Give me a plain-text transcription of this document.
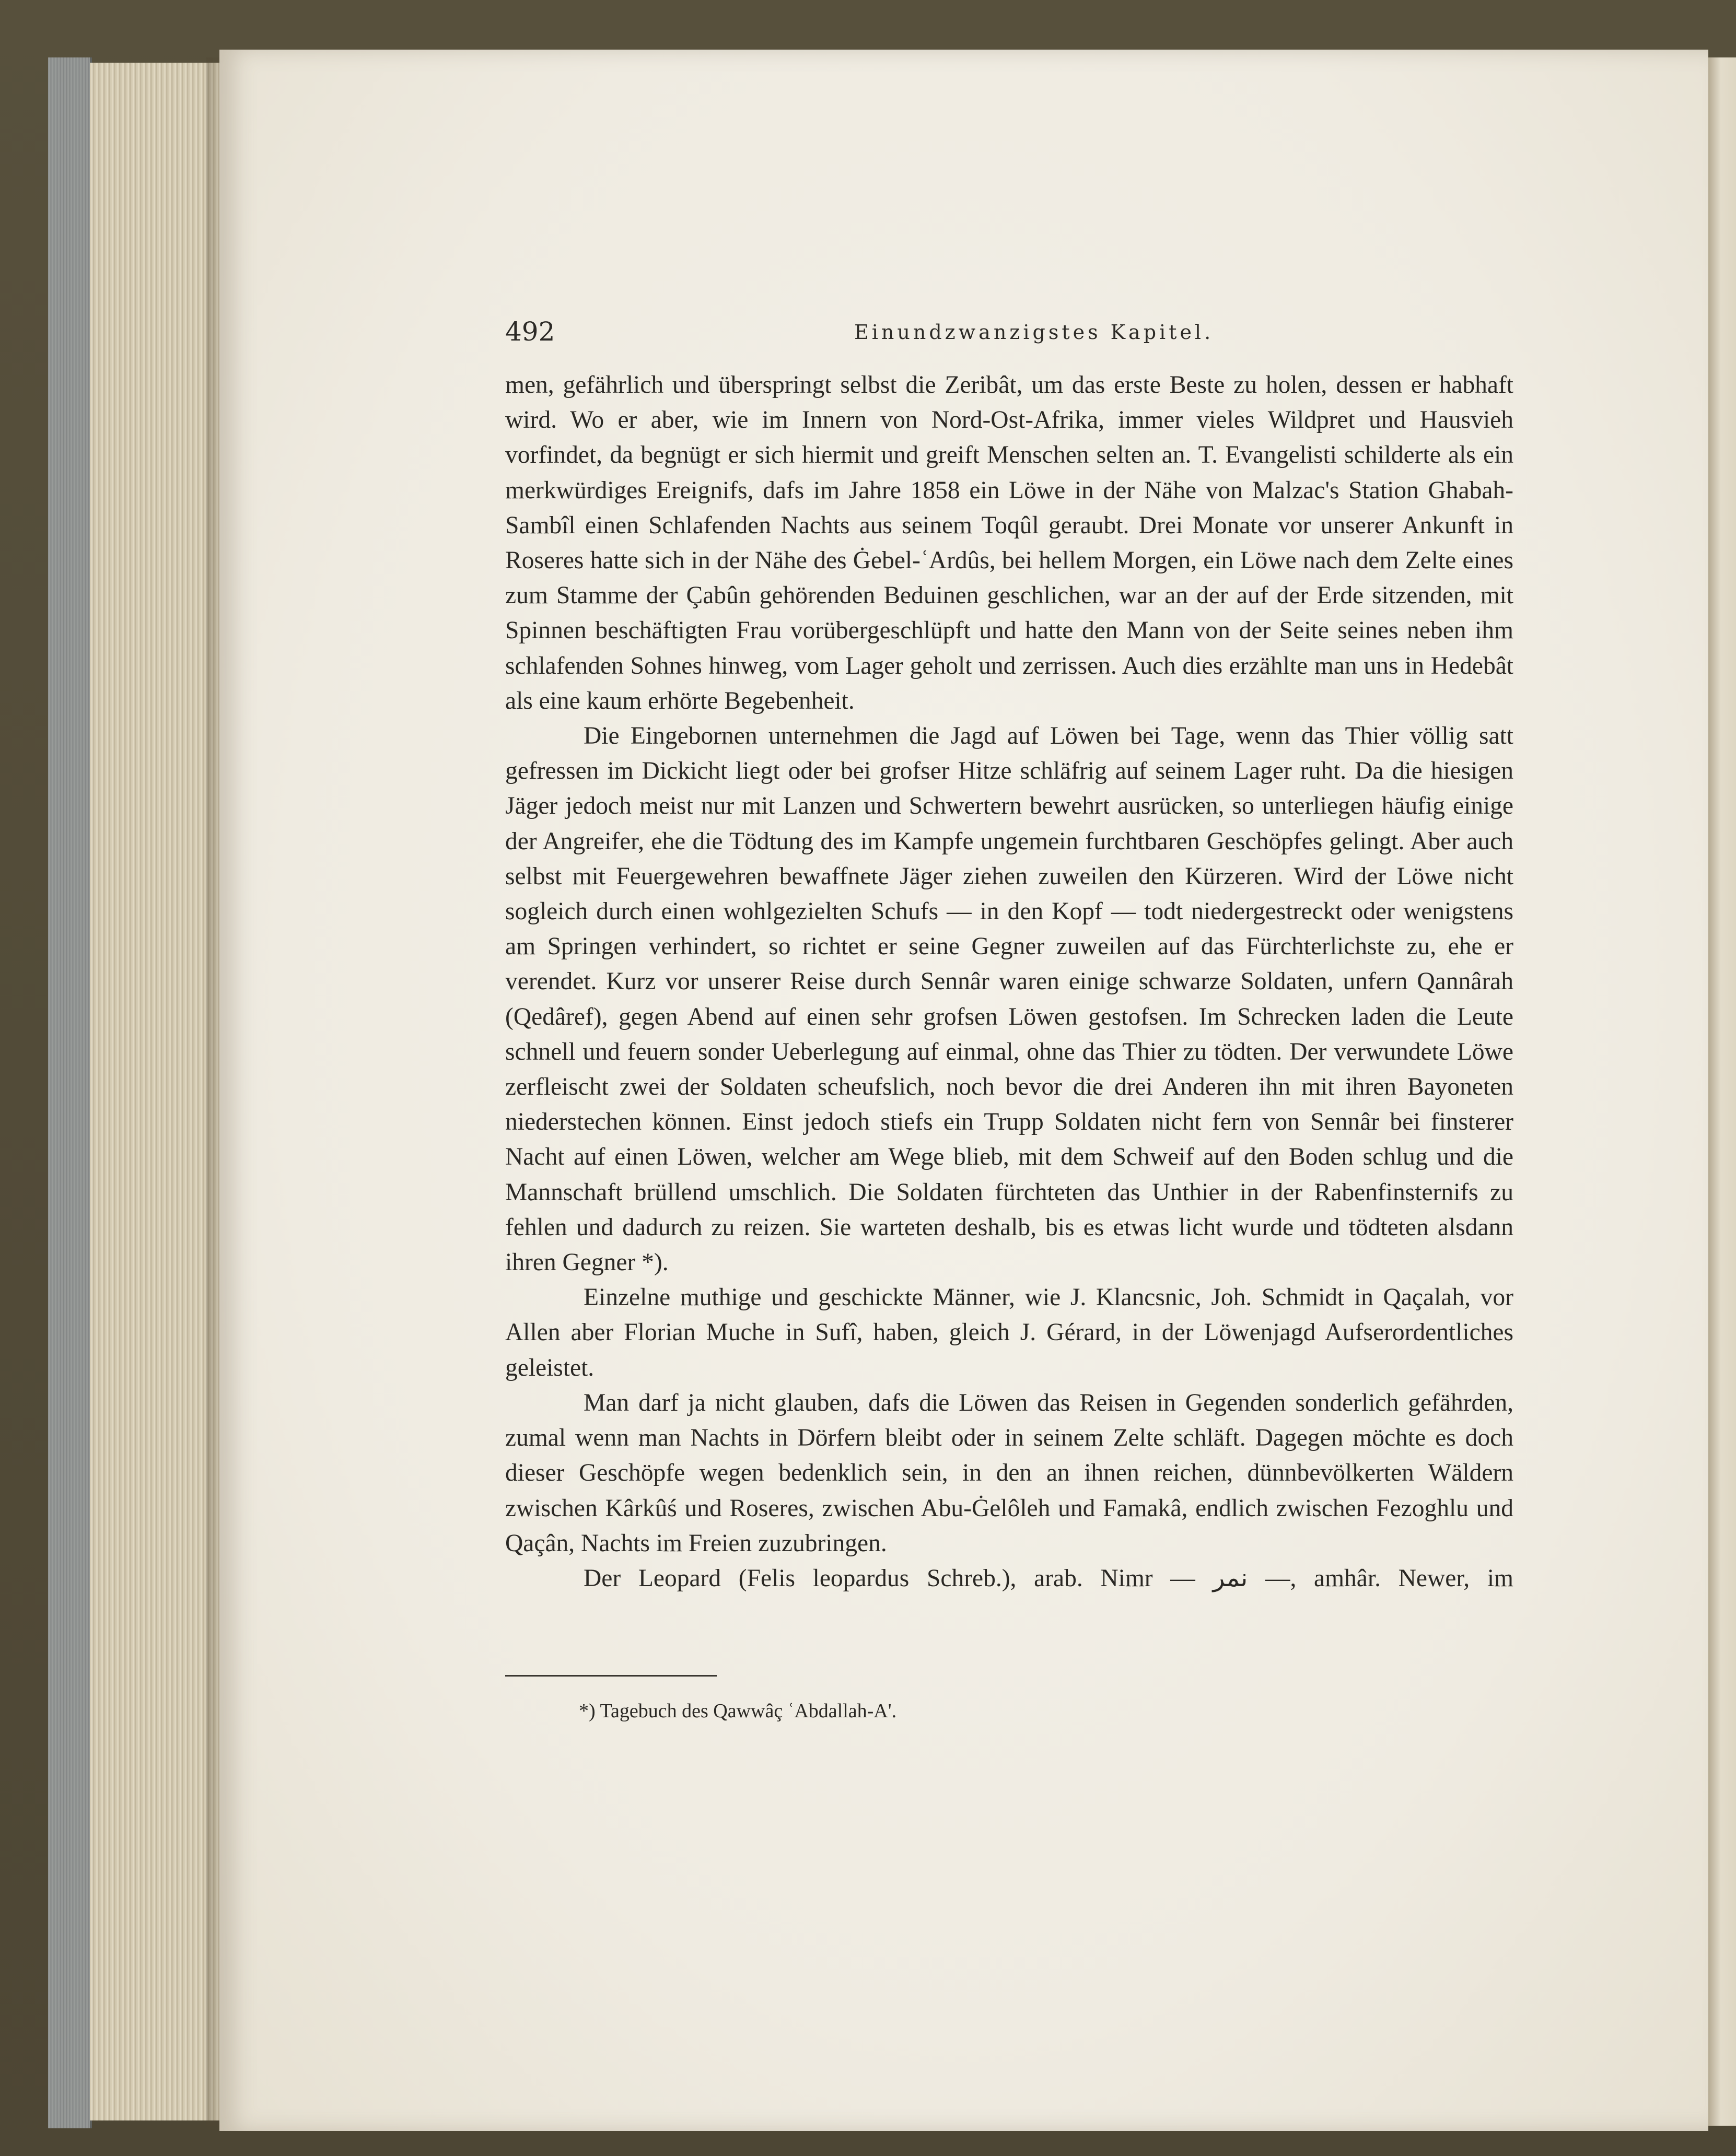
492	Einundzwanzigstes Kapitel.

men, gefährlich und überspringt selbst die Zeribât, um das erste Beste zu holen, dessen er habhaft wird. Wo er aber, wie im Innern von Nord-Ost-Afrika, immer vieles Wildpret und Hausvieh vorfindet, da begnügt er sich hiermit und greift Menschen selten an. T. Evangelisti schilderte als ein merkwürdiges Ereignifs, dafs im Jahre 1858 ein Löwe in der Nähe von Malzac's Station Ghabah-Sambîl einen Schlafenden Nachts aus seinem Toqûl geraubt. Drei Monate vor unserer Ankunft in Roseres hatte sich in der Nähe des Ġebel-ʿArdûs, bei hellem Morgen, ein Löwe nach dem Zelte eines zum Stamme der Çabûn gehörenden Beduinen geschlichen, war an der auf der Erde sitzenden, mit Spinnen beschäftigten Frau vorübergeschlüpft und hatte den Mann von der Seite seines neben ihm schlafenden Sohnes hinweg, vom Lager geholt und zerrissen. Auch dies erzählte man uns in Hedebât als eine kaum erhörte Begebenheit.

Die Eingebornen unternehmen die Jagd auf Löwen bei Tage, wenn das Thier völlig satt gefressen im Dickicht liegt oder bei grofser Hitze schläfrig auf seinem Lager ruht. Da die hiesigen Jäger jedoch meist nur mit Lanzen und Schwertern bewehrt ausrücken, so unterliegen häufig einige der Angreifer, ehe die Tödtung des im Kampfe ungemein furchtbaren Geschöpfes gelingt. Aber auch selbst mit Feuergewehren bewaffnete Jäger ziehen zuweilen den Kürzeren. Wird der Löwe nicht sogleich durch einen wohlgezielten Schufs — in den Kopf — todt niedergestreckt oder wenigstens am Springen verhindert, so richtet er seine Gegner zuweilen auf das Fürchterlichste zu, ehe er verendet. Kurz vor unserer Reise durch Sennâr waren einige schwarze Soldaten, unfern Qannârah (Qedâref), gegen Abend auf einen sehr grofsen Löwen gestofsen. Im Schrecken laden die Leute schnell und feuern sonder Ueberlegung auf einmal, ohne das Thier zu tödten. Der verwundete Löwe zerfleischt zwei der Soldaten scheufslich, noch bevor die drei Anderen ihn mit ihren Bayoneten niederstechen können. Einst jedoch stiefs ein Trupp Soldaten nicht fern von Sennâr bei finsterer Nacht auf einen Löwen, welcher am Wege blieb, mit dem Schweif auf den Boden schlug und die Mannschaft brüllend umschlich. Die Soldaten fürchteten das Unthier in der Rabenfinsternifs zu fehlen und dadurch zu reizen. Sie warteten deshalb, bis es etwas licht wurde und tödteten alsdann ihren Gegner *).

Einzelne muthige und geschickte Männer, wie J. Klancsnic, Joh. Schmidt in Qaçalah, vor Allen aber Florian Muche in Sufî, haben, gleich J. Gérard, in der Löwenjagd Aufserordentliches geleistet.

Man darf ja nicht glauben, dafs die Löwen das Reisen in Gegenden sonderlich gefährden, zumal wenn man Nachts in Dörfern bleibt oder in seinem Zelte schläft. Dagegen möchte es doch dieser Geschöpfe wegen bedenklich sein, in den an ihnen reichen, dünnbevölkerten Wäldern zwischen Kârkûś und Roseres, zwischen Abu-Ġelôleh und Famakâ, endlich zwischen Fezoghlu und Qaçân, Nachts im Freien zuzubringen.

Der Leopard (Felis leopardus Schreb.), arab. Nimr — نمر —, amhâr. Newer, im

*) Tagebuch des Qawwâç ʿAbdallah-A'.
